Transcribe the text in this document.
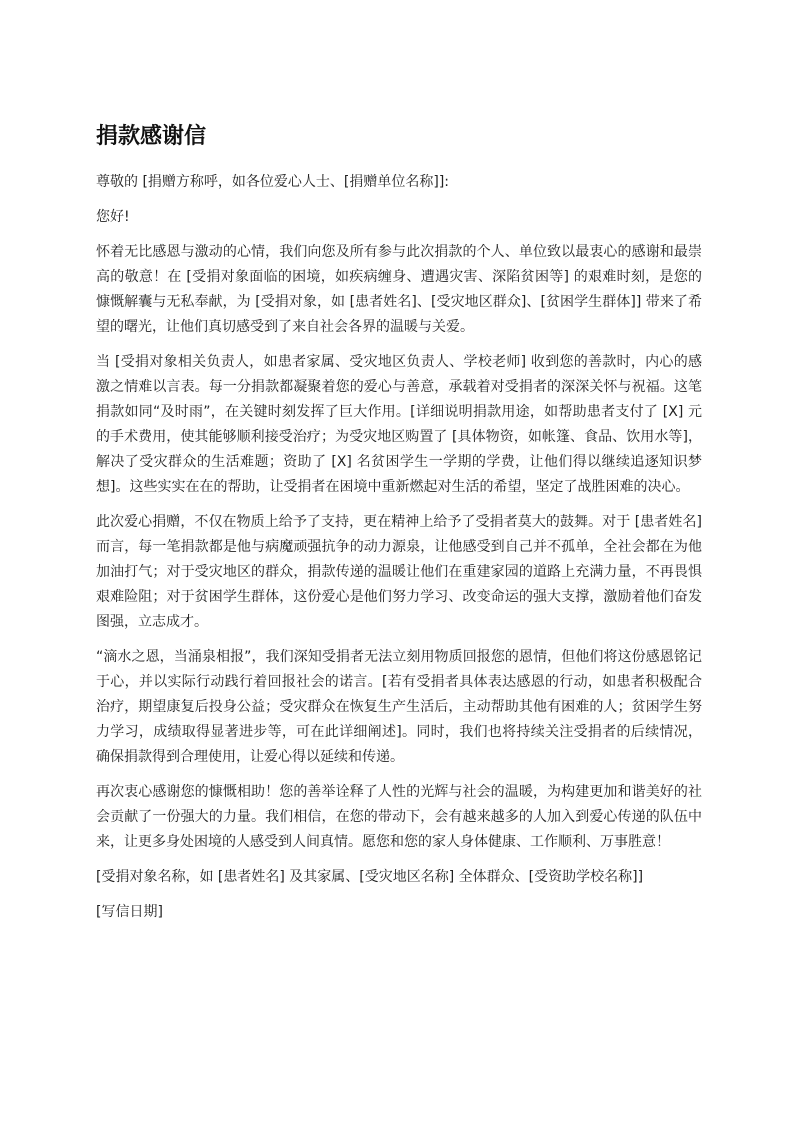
捐款感谢信

尊敬的 [捐赠方称呼，如各位爱心人士、[捐赠单位名称]]:

您好!

怀着无比感恩与激动的心情，我们向您及所有参与此次捐款的个人、单位致以最衷心的感谢和最崇高的敬意！在 [受捐对象面临的困境，如疾病缠身、遭遇灾害、深陷贫困等] 的艰难时刻，是您的慷慨解囊与无私奉献，为 [受捐对象，如 [患者姓名]、[受灾地区群众]、[贫困学生群体]] 带来了希望的曙光，让他们真切感受到了来自社会各界的温暖与关爱。

当 [受捐对象相关负责人，如患者家属、受灾地区负责人、学校老师] 收到您的善款时，内心的感激之情难以言表。每一分捐款都凝聚着您的爱心与善意，承载着对受捐者的深深关怀与祝福。这笔捐款如同“及时雨”，在关键时刻发挥了巨大作用。[详细说明捐款用途，如帮助患者支付了 [X] 元的手术费用，使其能够顺利接受治疗；为受灾地区购置了 [具体物资，如帐篷、食品、饮用水等]，解决了受灾群众的生活难题；资助了 [X] 名贫困学生一学期的学费，让他们得以继续追逐知识梦想]。这些实实在在的帮助，让受捐者在困境中重新燃起对生活的希望，坚定了战胜困难的决心。

此次爱心捐赠，不仅在物质上给予了支持，更在精神上给予了受捐者莫大的鼓舞。对于 [患者姓名] 而言，每一笔捐款都是他与病魔顽强抗争的动力源泉，让他感受到自己并不孤单，全社会都在为他加油打气；对于受灾地区的群众，捐款传递的温暖让他们在重建家园的道路上充满力量，不再畏惧艰难险阻；对于贫困学生群体，这份爱心是他们努力学习、改变命运的强大支撑，激励着他们奋发图强，立志成才。

“滴水之恩，当涌泉相报”，我们深知受捐者无法立刻用物质回报您的恩情，但他们将这份感恩铭记于心，并以实际行动践行着回报社会的诺言。[若有受捐者具体表达感恩的行动，如患者积极配合治疗，期望康复后投身公益；受灾群众在恢复生产生活后，主动帮助其他有困难的人；贫困学生努力学习，成绩取得显著进步等，可在此详细阐述]。同时，我们也将持续关注受捐者的后续情况，确保捐款得到合理使用，让爱心得以延续和传递。

再次衷心感谢您的慷慨相助！您的善举诠释了人性的光辉与社会的温暖，为构建更加和谐美好的社会贡献了一份强大的力量。我们相信，在您的带动下，会有越来越多的人加入到爱心传递的队伍中来，让更多身处困境的人感受到人间真情。愿您和您的家人身体健康、工作顺利、万事胜意！

[受捐对象名称，如 [患者姓名] 及其家属、[受灾地区名称] 全体群众、[受资助学校名称]]

[写信日期]
